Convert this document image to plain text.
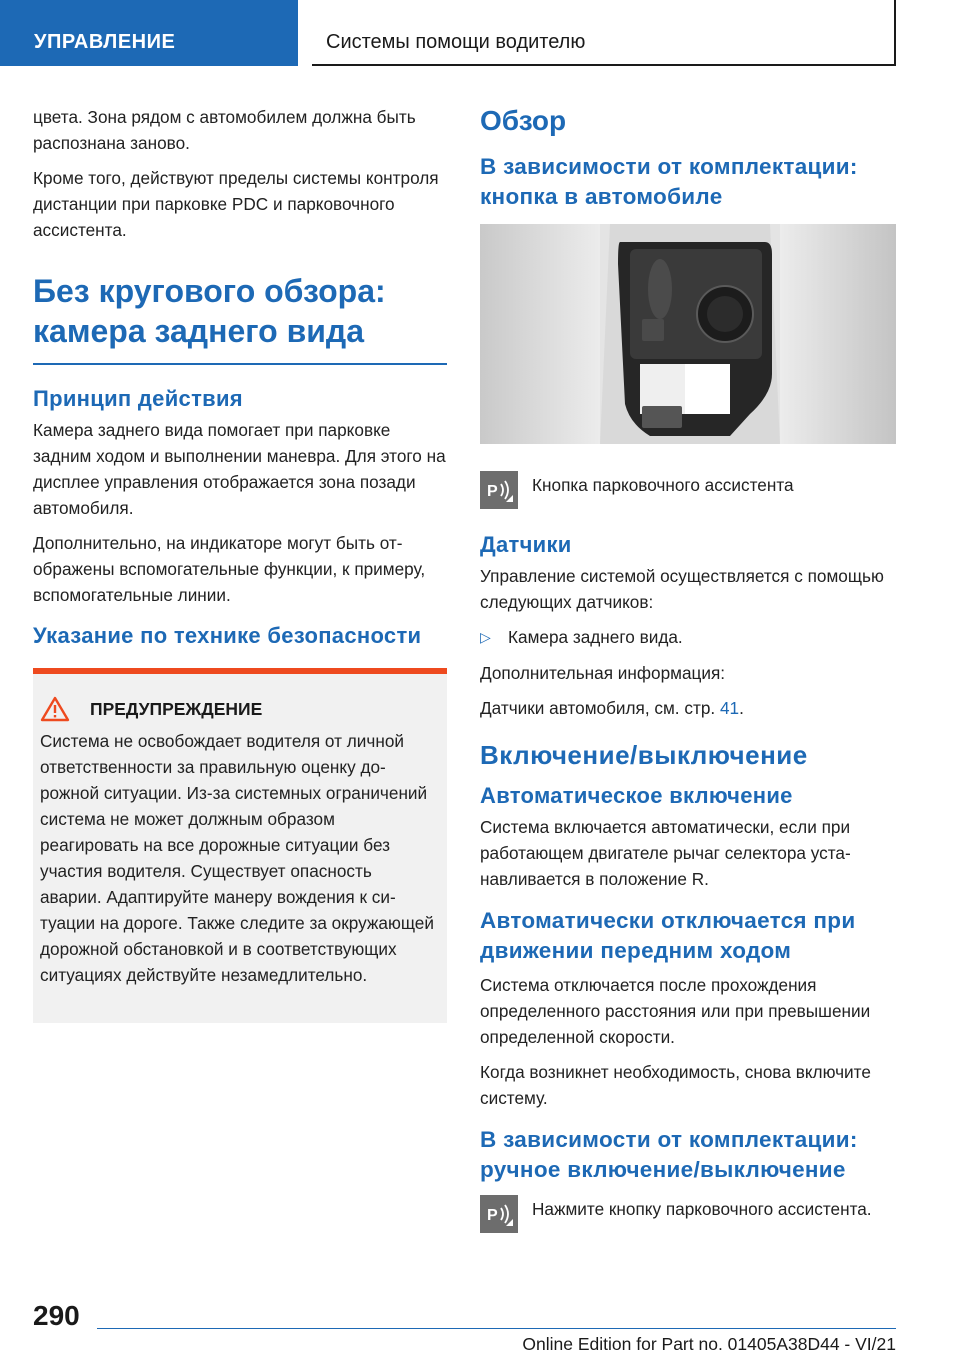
УПРАВЛЕНИЕ	Системы помощи водителю

цвета. Зона рядом с автомобилем должна быть распознана заново.

Кроме того, действуют пределы системы контроля дистанции при парковке PDC и парковочного ассистента.

Без кругового обзора: камера заднего вида
Принцип действия

Камера заднего вида помогает при парковке задним ходом и выполнении маневра. Для этого на дисплее управления отображается зона позади автомобиля.

Дополнительно, на индикаторе могут быть отображены вспомогательные функции, к примеру, вспомогательные линии.

Указание по технике безопасности
ПРЕДУПРЕЖДЕНИЕ

Система не освобождает водителя от личной ответственности за правильную оценку дорожной ситуации. Из-за системных ограничений система не может должным образом реагировать на все дорожные ситуации без участия водителя. Существует опасность аварии. Адаптируйте манеру вождения к ситуации на дороге. Также следите за окружающей дорожной обстановкой и в соответствующих ситуациях действуйте незамедлительно.

Обзор
В зависимости от комплектации: кнопка в автомобиле
P Кнопка парковочного ассистента
Датчики

Управление системой осуществляется с помощью следующих датчиков:

▷	Камера заднего вида.

Дополнительная информация:

Датчики автомобиля, см. стр. 41.

Включение/выключение
Автоматическое включение

Система включается автоматически, если при работающем двигателе рычаг селектора устанавливается в положение R.

Автоматически отключается при движении передним ходом

Система отключается после прохождения определенного расстояния или при превышении определенной скорости.

Когда возникнет необходимость, снова включите систему.

В зависимости от комплектации: ручное включение/выключение
P Нажмите кнопку парковочного ассистента.
290
Online Edition for Part no. 01405A38D44 - VI/21
